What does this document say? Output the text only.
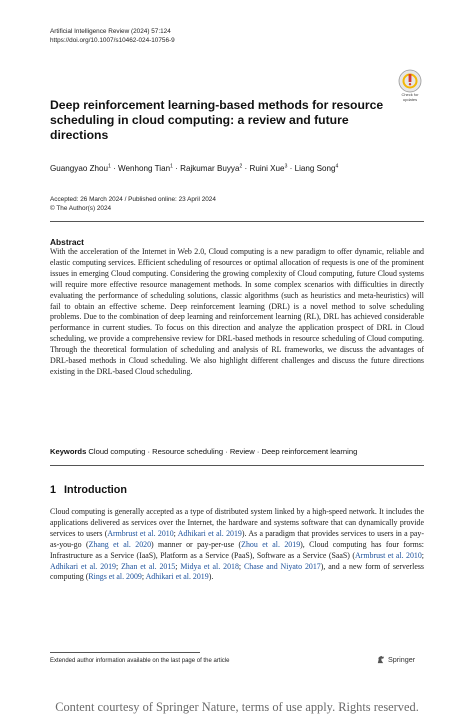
Artificial Intelligence Review (2024) 57:124
https://doi.org/10.1007/s10462-024-10756-9
Check for
updates
Deep reinforcement learning-based methods for resource scheduling in cloud computing: a review and future directions
Guangyao Zhou$^1$ · Wenhong Tian$^1$ · Rajkumar Buyya$^2$ · Ruini Xue$^3$ · Liang Song$^4$
Accepted: 26 March 2024 / Published online: 23 April 2024
© The Author(s) 2024
Abstract

With the acceleration of the Internet in Web 2.0, Cloud computing is a new paradigm to offer dynamic, reliable and elastic computing services. Efficient scheduling of resources or optimal allocation of requests is one of the prominent issues in emerging Cloud computing. Considering the growing complexity of Cloud computing, future Cloud systems will require more effective resource management methods. In some complex scenarios with difficulties in directly evaluating the performance of scheduling solutions, classic algorithms (such as heuristics and meta-heuristics) will fail to obtain an effective scheme. Deep reinforcement learning (DRL) is a novel method to solve scheduling problems. Due to the combination of deep learning and reinforcement learning (RL), DRL has achieved considerable performance in current studies. To focus on this direction and analyze the application prospect of DRL in Cloud scheduling, we provide a comprehensive review for DRL-based methods in resource scheduling of Cloud computing. Through the theoretical formulation of scheduling and analysis of RL frameworks, we discuss the advantages of DRL-based methods in Cloud scheduling. We also highlight different challenges and discuss the future directions existing in the DRL-based Cloud scheduling.

Keywords Cloud computing · Resource scheduling · Review · Deep reinforcement learning
1 Introduction

Cloud computing is generally accepted as a type of distributed system linked by a high-speed network. It includes the applications delivered as services over the Internet, the hardware and systems software that can dynamically provide services to users (Armbrust et al. 2010; Adhikari et al. 2019). As a paradigm that provides services to users in a pay-as-you-go (Zhang et al. 2020) manner or pay-per-use (Zhou et al. 2019), Cloud computing has four forms: Infrastructure as a Service (IaaS), Platform as a Service (PaaS), Software as a Service (SaaS) (Armbrust et al. 2010; Adhikari et al. 2019; Zhan et al. 2015; Midya et al. 2018; Chase and Niyato 2017), and a new form of serverless computing (Rings et al. 2009; Adhikari et al. 2019).

Extended author information available on the last page of the article	Springer
Content courtesy of Springer Nature, terms of use apply. Rights reserved.
